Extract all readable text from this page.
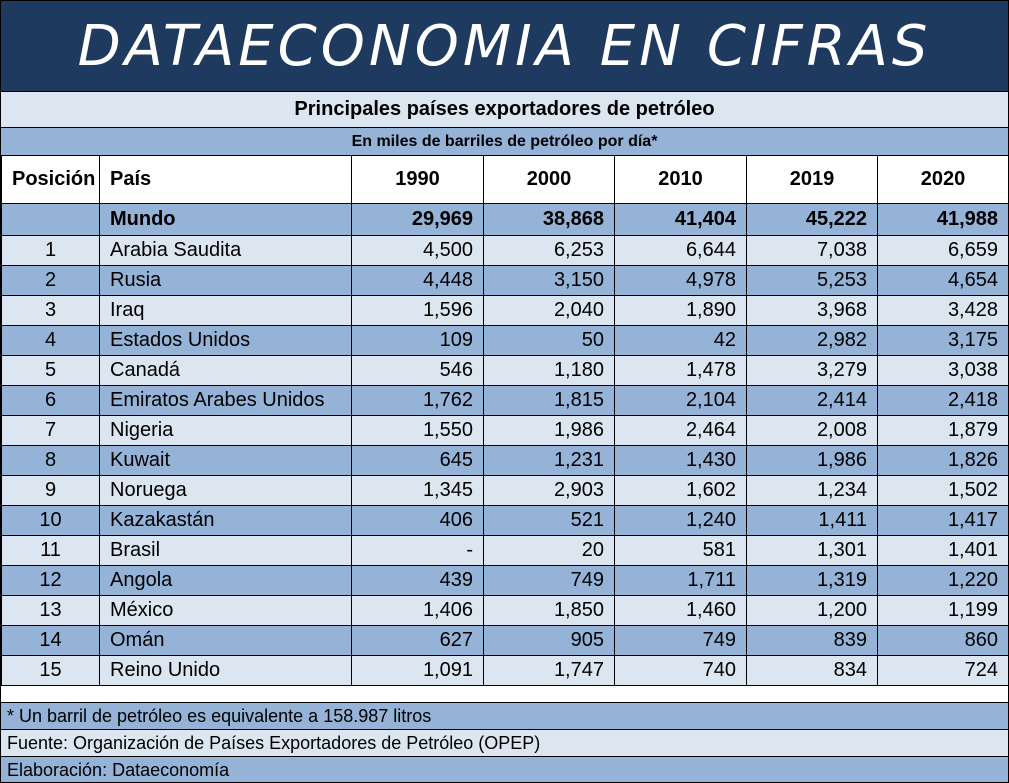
DATAECONOMIA EN CIFRAS
Principales países exportadores de petróleo
En miles de barriles de petróleo por día*
Posición	País	1990	2000	2010	2019	2020
	Mundo	29,969	38,868	41,404	45,222	41,988
1	Arabia Saudita	4,500	6,253	6,644	7,038	6,659
2	Rusia	4,448	3,150	4,978	5,253	4,654
3	Iraq	1,596	2,040	1,890	3,968	3,428
4	Estados Unidos	109	50	42	2,982	3,175
5	Canadá	546	1,180	1,478	3,279	3,038
6	Emiratos Arabes Unidos	1,762	1,815	2,104	2,414	2,418
7	Nigeria	1,550	1,986	2,464	2,008	1,879
8	Kuwait	645	1,231	1,430	1,986	1,826
9	Noruega	1,345	2,903	1,602	1,234	1,502
10	Kazakastán	406	521	1,240	1,411	1,417
11	Brasil	-	20	581	1,301	1,401
12	Angola	439	749	1,711	1,319	1,220
13	México	1,406	1,850	1,460	1,200	1,199
14	Omán	627	905	749	839	860
15	Reino Unido	1,091	1,747	740	834	724
* Un barril de petróleo es equivalente a 158.987 litros
Fuente: Organización de Países Exportadores de Petróleo (OPEP)
Elaboración: Dataeconomía
